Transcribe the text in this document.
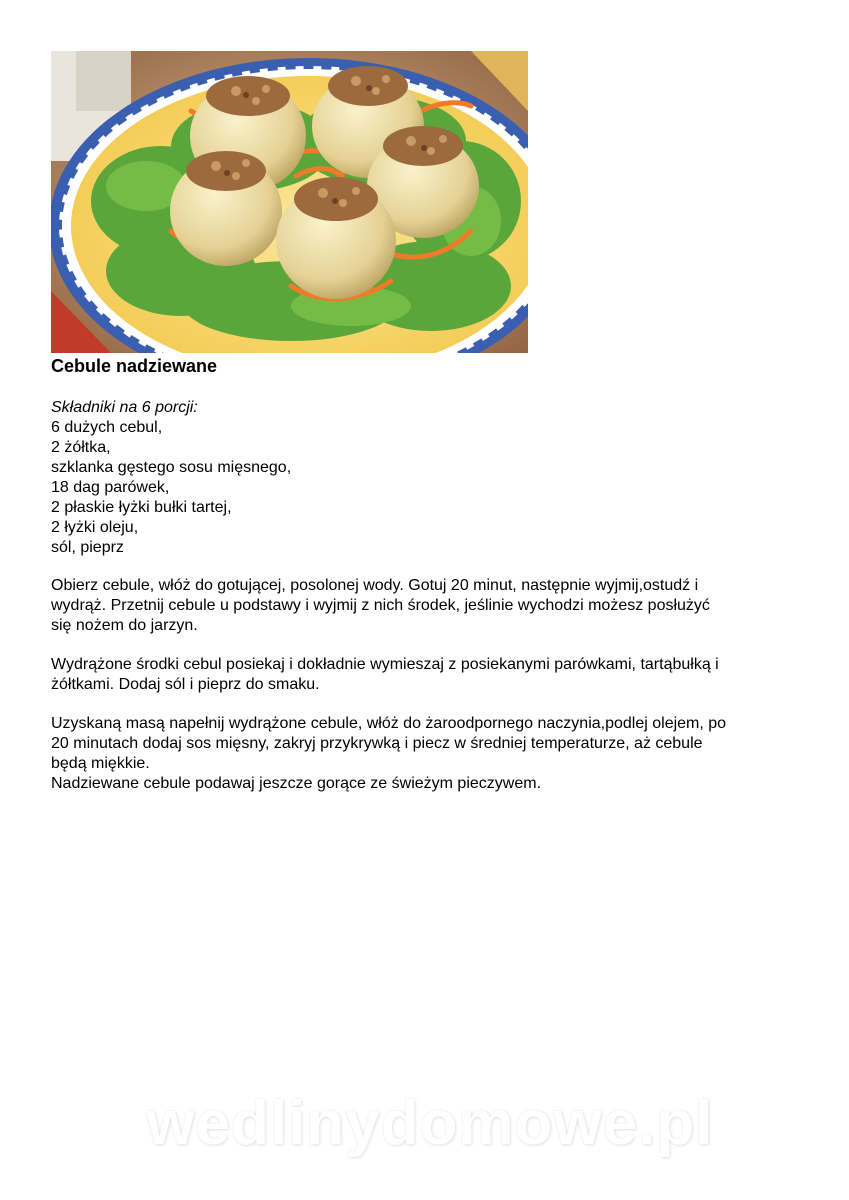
Cebule nadziewane
Składniki na 6 porcji:
6 dużych cebul,
2 żółtka,
szklanka gęstego sosu mięsnego,
18 dag parówek,
2 płaskie łyżki bułki tartej,
2 łyżki oleju,
sól, pieprz
Obierz cebule, włóż do gotującej, posolonej wody. Gotuj 20 minut, następnie wyjmij,ostudź i
wydrąż. Przetnij cebule u podstawy i wyjmij z nich środek, jeślinie wychodzi możesz posłużyć
się nożem do jarzyn.
Wydrążone środki cebul posiekaj i dokładnie wymieszaj z posiekanymi parówkami, tartąbułką i
żółtkami. Dodaj sól i pieprz do smaku.
Uzyskaną masą napełnij wydrążone cebule, włóż do żaroodpornego naczynia,podlej olejem, po
20 minutach dodaj sos mięsny, zakryj przykrywką i piecz w średniej temperaturze, aż cebule
będą miękkie.
Nadziewane cebule podawaj jeszcze gorące ze świeżym pieczywem.
wedlinydomowe.pl
